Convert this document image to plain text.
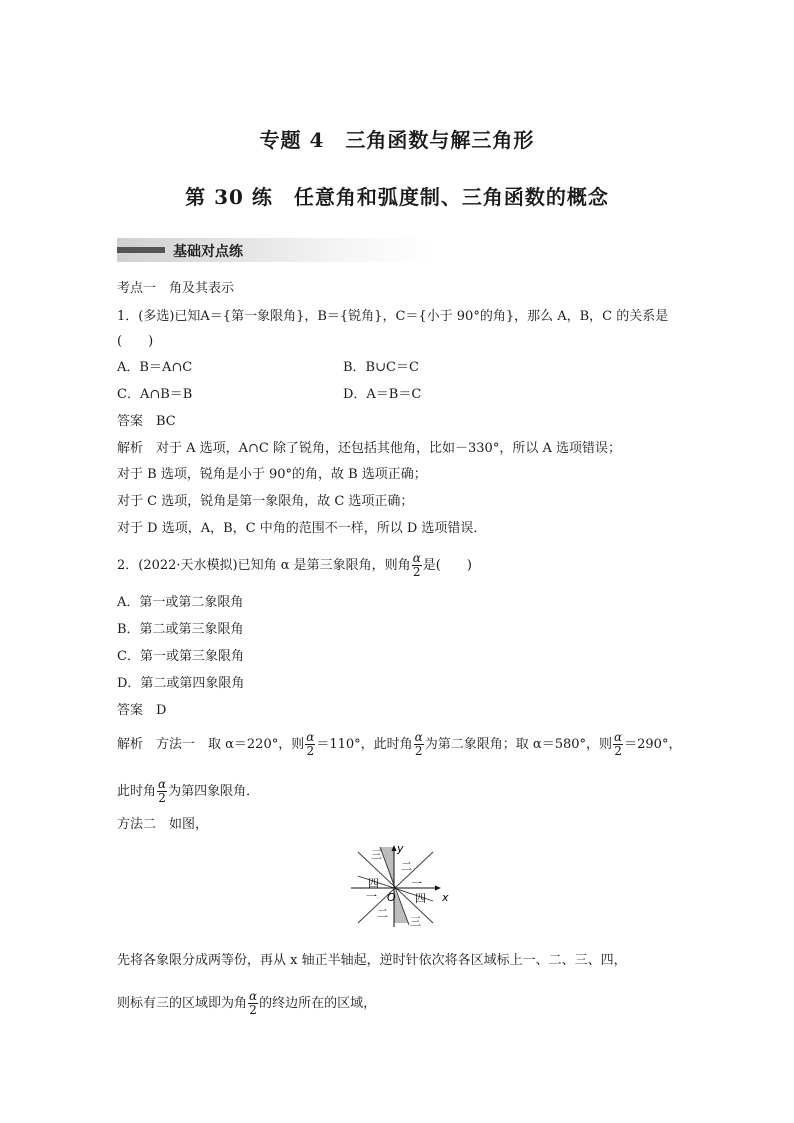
专题 4　三角函数与解三角形
第 30 练　任意角和弧度制、三角函数的概念
基础对点练
考点一　角及其表示
1．(多选)已知A＝{第一象限角}，B＝{锐角}，C＝{小于 90°的角}，那么 A，B，C 的关系是
(　　)
A．B＝A∩C	B．B∪C＝C
C．A∩B＝B	D．A＝B＝C
答案　BC
解析　对于 A 选项，A∩C 除了锐角，还包括其他角，比如－330°，所以 A 选项错误；
对于 B 选项，锐角是小于 90°的角，故 B 选项正确；
对于 C 选项，锐角是第一象限角，故 C 选项正确；
对于 D 选项，A，B，C 中角的范围不一样，所以 D 选项错误．
2．(2022·天水模拟)已知角 α 是第三象限角，则角 $\frac{\alpha}{2}$ 是(　　)
A．第一或第二象限角
B．第二或第三象限角
C．第一或第三象限角
D．第二或第四象限角
答案　D
解析　方法一　取 α＝220°，则 $\frac{\alpha}{2} =110^\circ$，此时角 $\frac{\alpha}{2}$ 为第二象限角；取 α＝580°，则 $\frac{\alpha}{2} =290^\circ$，
此时角 $\frac{\alpha}{2}$ 为第四象限角．
方法二　如图，
x
y
O
三
二
四	一
一	四
二
三
先将各象限分成两等份，再从 x 轴正半轴起，逆时针依次将各区域标上一、二、三、四，
则标有三的区域即为角 $\frac{\alpha}{2}$ 的终边所在的区域，
